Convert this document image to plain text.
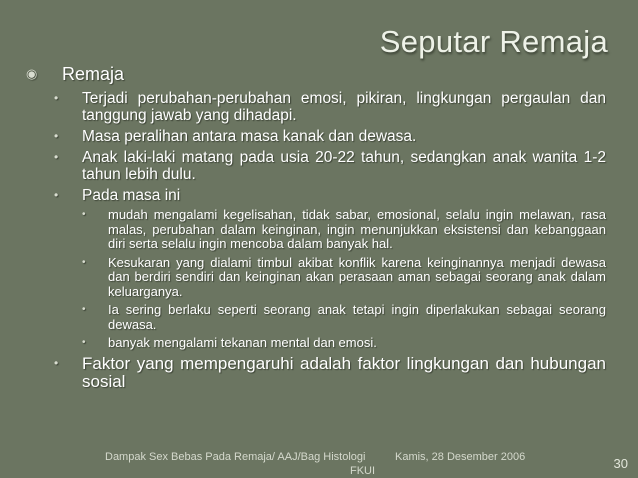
Seputar Remaja
◉	Remaja
•	Terjadi perubahan-perubahan emosi, pikiran, lingkungan pergaulan dan tanggung jawab yang dihadapi.
•	Masa peralihan antara masa kanak dan dewasa.
•	Anak laki-laki matang pada usia 20-22 tahun, sedangkan anak wanita 1-2 tahun lebih dulu.
•	Pada masa ini
•	mudah mengalami kegelisahan, tidak sabar, emosional, selalu ingin melawan, rasa malas, perubahan dalam keinginan, ingin menunjukkan eksistensi dan kebanggaan diri serta selalu ingin mencoba dalam banyak hal.
•	Kesukaran yang dialami timbul akibat konflik karena keinginannya menjadi dewasa dan berdiri sendiri dan keinginan akan perasaan aman sebagai seorang anak dalam keluarganya.
•	Ia sering berlaku seperti seorang anak tetapi ingin diperlakukan sebagai seorang dewasa.
•	banyak mengalami tekanan mental dan emosi.
•	Faktor yang mempengaruhi adalah faktor lingkungan dan hubungan sosial
Dampak Sex Bebas Pada Remaja/ AAJ/Bag Histologi	Kamis, 28 Desember 2006
FKUI	30
